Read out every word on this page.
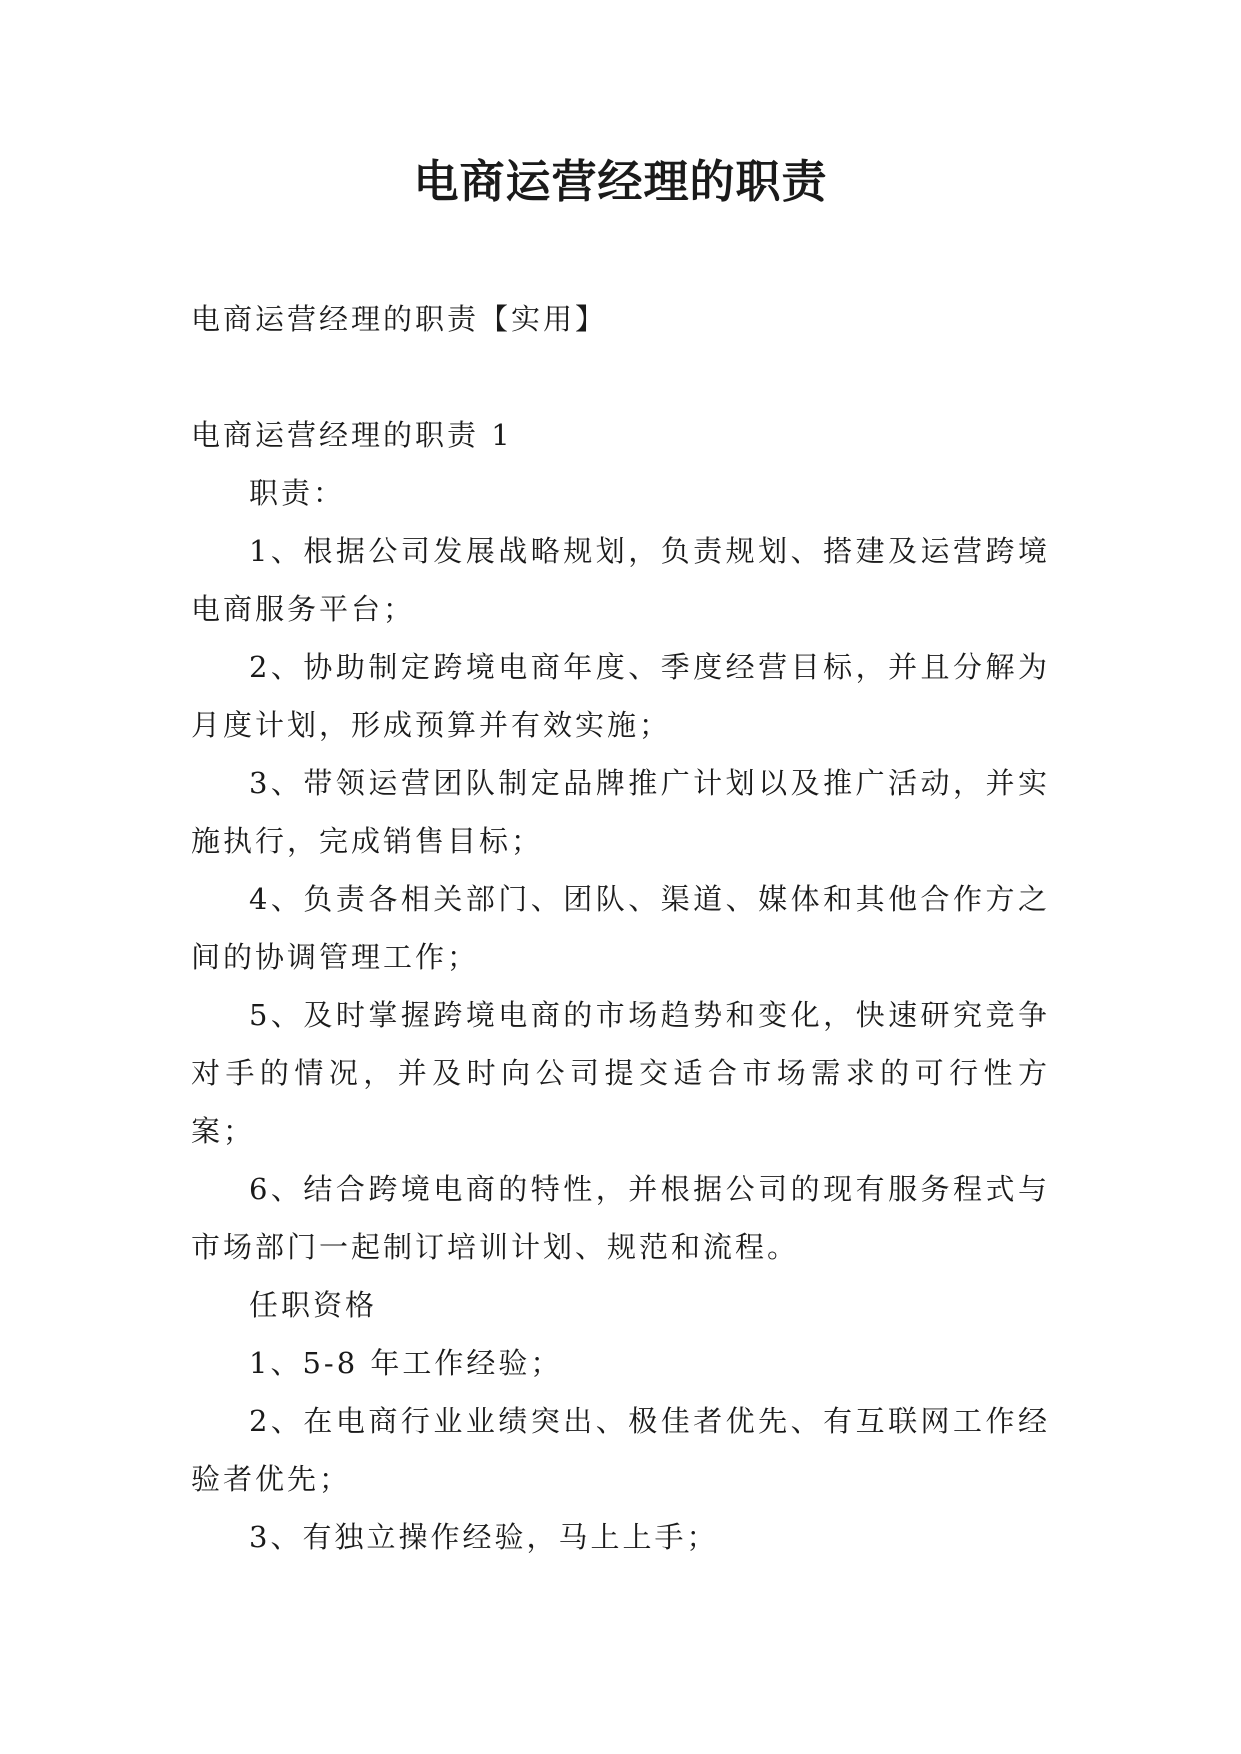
电商运营经理的职责

电商运营经理的职责【实用】

电商运营经理的职责 1

职责：

1、根据公司发展战略规划，负责规划、搭建及运营跨境电商服务平台；

2、协助制定跨境电商年度、季度经营目标，并且分解为月度计划，形成预算并有效实施；

3、带领运营团队制定品牌推广计划以及推广活动，并实施执行，完成销售目标；

4、负责各相关部门、团队、渠道、媒体和其他合作方之间的协调管理工作；

5、及时掌握跨境电商的市场趋势和变化，快速研究竞争对手的情况，并及时向公司提交适合市场需求的可行性方案；

6、结合跨境电商的特性，并根据公司的现有服务程式与市场部门一起制订培训计划、规范和流程。

任职资格

1、5-8 年工作经验；

2、在电商行业业绩突出、极佳者优先、有互联网工作经验者优先；

3、有独立操作经验，马上上手；
